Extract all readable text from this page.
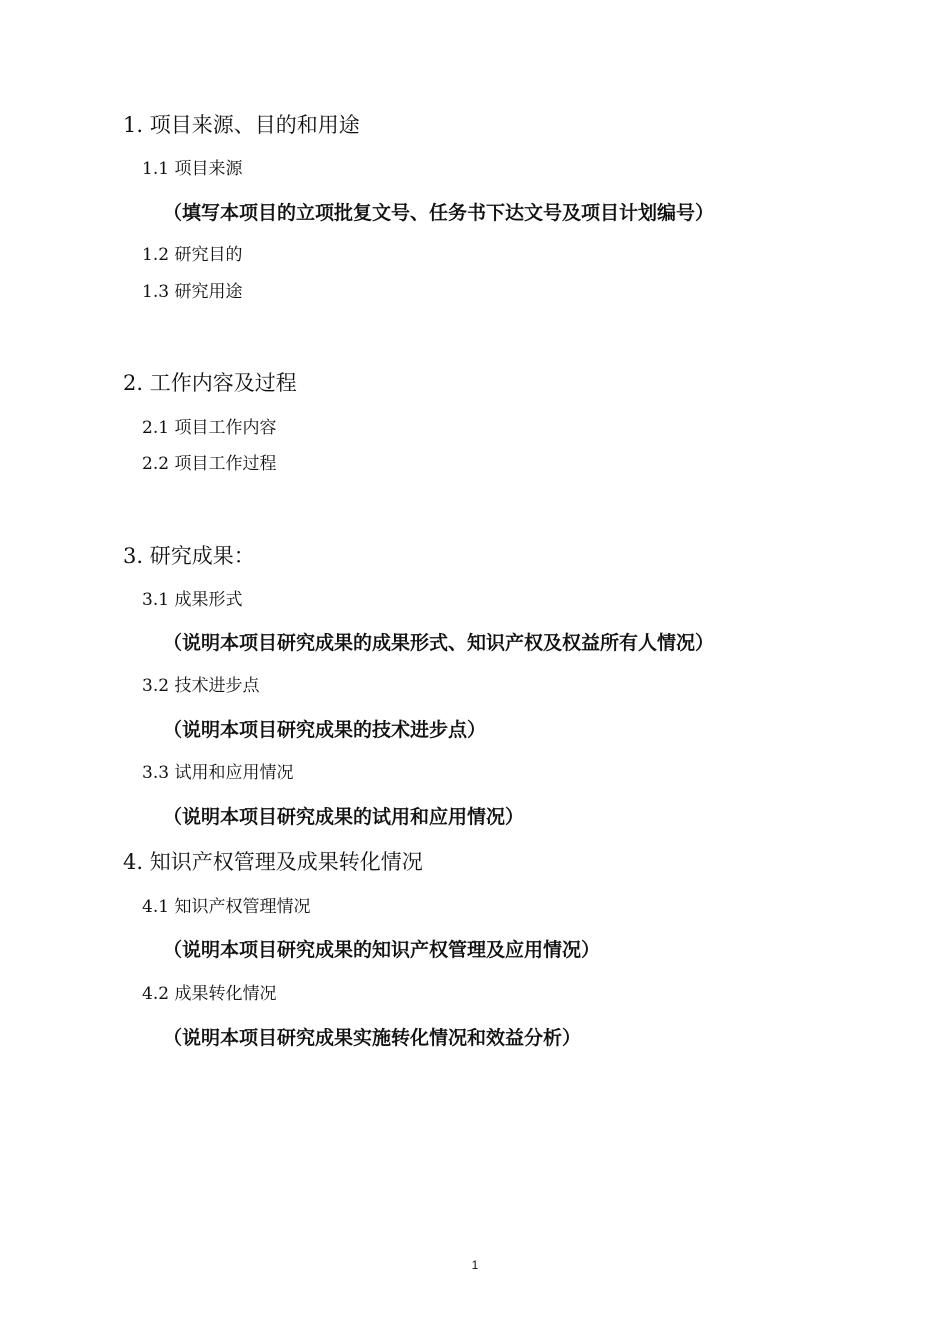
1. 项目来源、目的和用途
1.1 项目来源
（填写本项目的立项批复文号、任务书下达文号及项目计划编号）
1.2 研究目的
1.3 研究用途
2. 工作内容及过程
2.1 项目工作内容
2.2 项目工作过程
3. 研究成果：
3.1 成果形式
（说明本项目研究成果的成果形式、知识产权及权益所有人情况）
3.2 技术进步点
（说明本项目研究成果的技术进步点）
3.3 试用和应用情况
（说明本项目研究成果的试用和应用情况）
4. 知识产权管理及成果转化情况
4.1 知识产权管理情况
（说明本项目研究成果的知识产权管理及应用情况）
4.2 成果转化情况
（说明本项目研究成果实施转化情况和效益分析）
1
